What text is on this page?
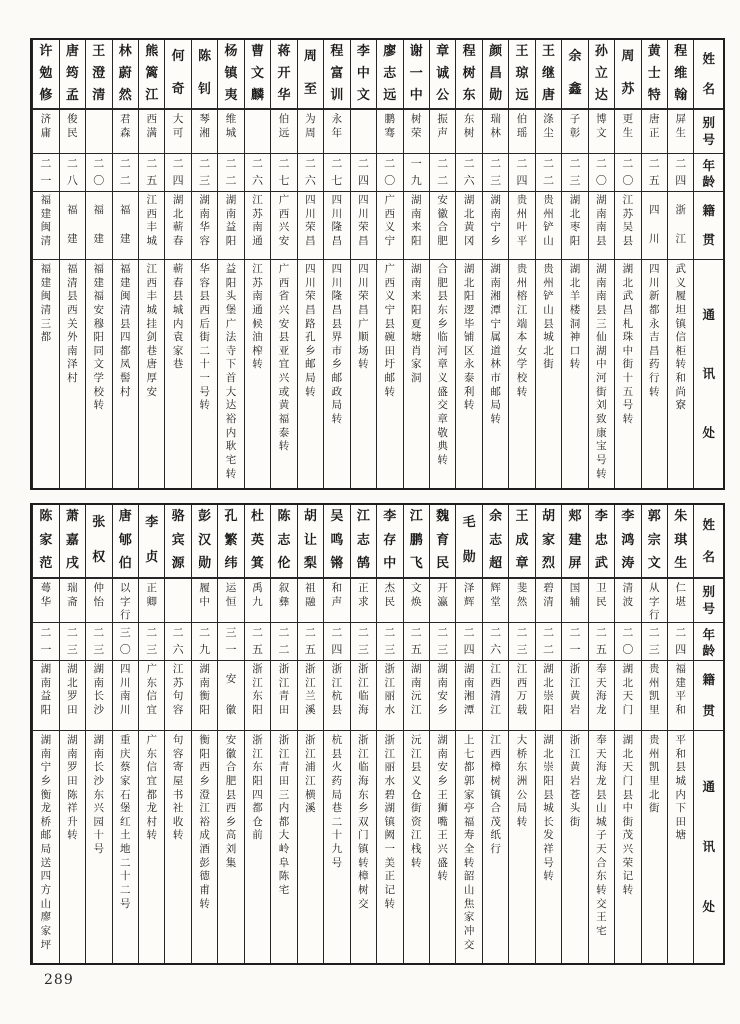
姓
名
别
号
年
龄
籍
贯
通
讯
处
程
维
翰
屏
生
二
四
浙
江
武
义
履
坦
镇
信
柜
转
和
尚
寮
黄
士
特
唐
正
二
五
四
川
四
川
新
都
永
吉
昌
药
行
转
周
苏
更
生
二
〇
江
苏
吴
县
湖
北
武
昌
札
珠
中
街
十
五
号
转
孙
立
达
博
文
二
〇
湖
南
南
县
湖
南
南
县
三
仙
湖
中
河
街
刘
致
康
宝
号
转
余
鑫
子
彰
二
三
湖
北
枣
阳
湖
北
羊
楼
洞
神
口
转
王
继
唐
涤
尘
二
二
贵
州
铲
山
贵
州
铲
山
县
城
北
街
王
琼
远
伯
瑶
二
四
贵
州
叶
平
贵
州
榕
江
端
本
女
学
校
转
颜
昌
勋
瑞
林
二
三
湖
南
宁
乡
湖
南
湘
潭
宁
属
道
林
市
邮
局
转
程
树
东
东
树
二
六
湖
北
黄
冈
湖
北
阳
逻
毕
铺
区
永
泰
利
转
章
诚
公
振
声
二
二
安
徽
合
肥
合
肥
县
东
乡
临
河
章
义
盛
交
章
敬
典
转
谢
一
中
树
荣
一
九
湖
南
来
阳
湖
南
来
阳
夏
塘
肖
家
洞
廖
志
远
鹏
骞
二
〇
广
西
义
宁
广
西
义
宁
县
碗
田
圩
邮
转
李
中
文
二
四
四
川
荣
昌
四
川
荣
昌
广
顺
场
转
程
富
训
永
年
二
七
四
川
隆
昌
四
川
隆
昌
县
界
市
乡
邮
政
局
转
周
至
为
周
二
六
四
川
荣
昌
四
川
荣
昌
路
孔
乡
邮
局
转
蒋
开
华
伯
远
二
七
广
西
兴
安
广
西
省
兴
安
县
亚
宜
兴
或
黄
福
泰
转
曹
文
麟
二
六
江
苏
南
通
江
苏
南
通
候
油
榨
转
杨
镇
夷
维
城
二
二
湖
南
益
阳
益
阳
头
堡
广
法
寺
下
首
大
达
裕
内
耿
宅
转
陈
钊
琴
湘
二
三
湖
南
华
容
华
容
县
西
后
街
二
十
一
号
转
何
奇
大
可
二
四
湖
北
蕲
春
蕲
春
县
城
内
袁
家
巷
熊
篱
江
西
满
二
五
江
西
丰
城
江
西
丰
城
挂
剑
巷
唐
厚
安
林
蔚
然
君
森
二
二
福
建
福
建
闽
清
县
四
都
凤
髻
村
王
澄
清
二
〇
福
建
福
建
福
安
穆
阳
同
文
学
校
转
唐
筠
孟
俊
民
二
八
福
建
福
清
县
西
关
外
南
泽
村
许
勉
修
济
庸
二
一
福
建
闽
清
福
建
闽
清
三
都
姓
名
别
号
年
龄
籍
贯
通
讯
处
朱
琪
生
仁
堪
二
四
福
建
平
和
平
和
县
城
内
下
田
塘
郭
宗
文
从
字
行
二
三
贵
州
凯
里
贵
州
凯
里
北
街
李
鸿
涛
清
波
二
〇
湖
北
天
门
湖
北
天
门
县
中
街
茂
兴
荣
记
转
李
忠
武
卫
民
二
五
奉
天
海
龙
奉
天
海
龙
县
山
城
子
天
合
东
转
交
王
宅
郏
建
屏
国
辅
二
一
浙
江
黄
岩
浙
江
黄
岩
苍
头
街
胡
家
烈
碧
清
二
二
湖
北
崇
阳
湖
北
崇
阳
县
城
长
发
祥
号
转
王
成
章
斐
然
二
三
江
西
万
载
大
桥
东
洲
公
局
转
余
志
超
辉
堂
二
六
江
西
清
江
江
西
樟
树
镇
合
茂
纸
行
毛
勋
泽
辉
二
四
湖
南
湘
潭
上
七
都
郭
家
亭
福
寿
全
转
韶
山
焦
家
冲
交
魏
育
民
开
瀛
二
三
湖
南
安
乡
湖
南
安
乡
王
狮
嘴
王
兴
盛
转
江
鹏
飞
文
焕
二
五
湖
南
沅
江
沅
江
县
义
仓
街
资
江
栈
转
李
存
中
杰
民
二
三
浙
江
丽
水
浙
江
丽
水
碧
湖
镇
阙
一
美
正
记
转
江
志
鹄
正
求
二
三
浙
江
临
海
浙
江
临
海
东
乡
双
门
镇
转
樟
树
交
吴
鸣
锵
和
声
二
四
浙
江
杭
县
杭
县
火
药
局
巷
二
十
九
号
胡
让
梨
祖
融
二
五
浙
江
兰
溪
浙
江
浦
江
横
溪
陈
志
伦
叙
彝
二
二
浙
江
青
田
浙
江
青
田
三
内
都
大
岭
阜
陈
宅
杜
英
箕
禹
九
二
五
浙
江
东
阳
浙
江
东
阳
四
都
仓
前
孔
繁
纬
运
恒
三
一
安
徽
安
徽
合
肥
县
西
乡
高
刘
集
彭
汉
勋
履
中
二
九
湖
南
衡
阳
衡
阳
西
乡
澄
江
裕
成
酒
彭
德
甫
转
骆
宾
源
二
六
江
苏
句
容
句
容
寄
屋
书
社
收
转
李
贞
正
卿
二
三
广
东
信
宜
广
东
信
宜
都
龙
村
转
唐
郇
伯
以
字
行
三
〇
四
川
南
川
重
庆
蔡
家
石
堡
红
土
地
二
十
二
号
张
权
仲
怡
二
三
湖
南
长
沙
湖
南
长
沙
东
兴
园
十
号
萧
嘉
戌
瑞
斋
二
三
湖
北
罗
田
湖
南
罗
田
陈
祥
升
转
陈
家
范
蕚
华
二
一
湖
南
益
阳
湖
南
宁
乡
衡
龙
桥
邮
局
送
四
方
山
廖
家
坪
289
